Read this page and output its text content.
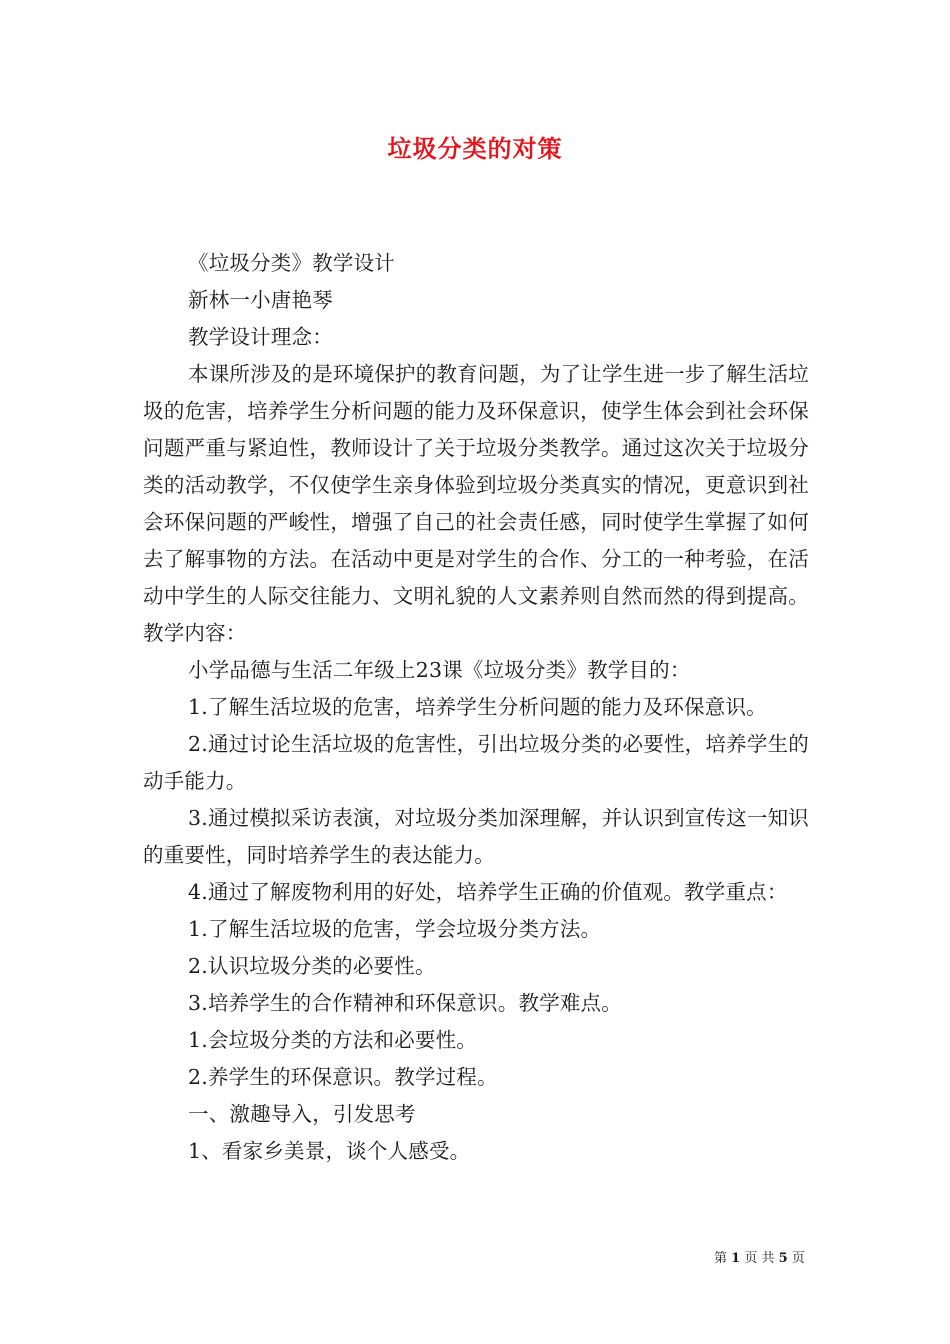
垃圾分类的对策

《垃圾分类》教学设计

新林一小唐艳琴

教学设计理念：

本课所涉及的是环境保护的教育问题，为了让学生进一步了解生活垃圾的危害，培养学生分析问题的能力及环保意识，使学生体会到社会环保问题严重与紧迫性，教师设计了关于垃圾分类教学。通过这次关于垃圾分类的活动教学，不仅使学生亲身体验到垃圾分类真实的情况，更意识到社会环保问题的严峻性，增强了自己的社会责任感，同时使学生掌握了如何去了解事物的方法。在活动中更是对学生的合作、分工的一种考验，在活动中学生的人际交往能力、文明礼貌的人文素养则自然而然的得到提高。教学内容：

小学品德与生活二年级上23课《垃圾分类》教学目的：

1.了解生活垃圾的危害，培养学生分析问题的能力及环保意识。

2.通过讨论生活垃圾的危害性，引出垃圾分类的必要性，培养学生的动手能力。

3.通过模拟采访表演，对垃圾分类加深理解，并认识到宣传这一知识的重要性，同时培养学生的表达能力。

4.通过了解废物利用的好处，培养学生正确的价值观。教学重点：

1.了解生活垃圾的危害，学会垃圾分类方法。

2.认识垃圾分类的必要性。

3.培养学生的合作精神和环保意识。教学难点。

1.会垃圾分类的方法和必要性。

2.养学生的环保意识。教学过程。

一、激趣导入，引发思考

1、看家乡美景，谈个人感受。

第 1 页 共 5 页
